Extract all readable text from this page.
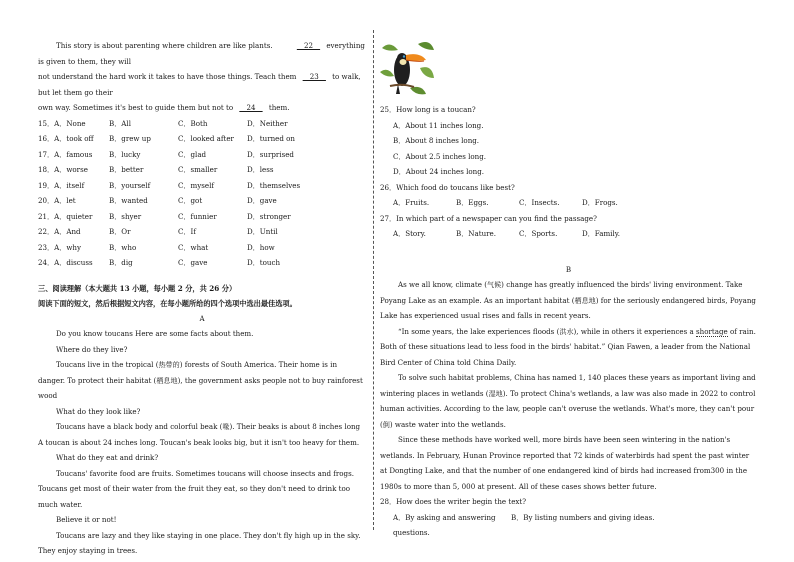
This story is about parenting where children are like plants.	__22__ everything is given to them, they will

not understand the hard work it takes to have those things. Teach them __23__ to walk, but let them go their

own way. Sometimes it's best to guide them but not to __24__ them.

15．A．None	B．All	C．Both	D．Neither
16．A．took off	B．grew up	C．looked after	D．turned on
17．A．famous	B．lucky	C．glad	D．surprised
18．A．worse	B．better	C．smaller	D．less
19．A．itself	B．yourself	C．myself	D．themselves
20．A．let	B．wanted	C．got	D．gave
21．A．quieter	B．shyer	C．funnier	D．stronger
22．A．And	B．Or	C．If	D．Until
23．A．why	B．who	C．what	D．how
24．A．discuss	B．dig	C．gave	D．touch

三、阅读理解（本大题共 13 小题，每小题 2 分，共 26 分）

阅读下面的短文，然后根据短文内容，在每小题所给的四个选项中选出最佳选项。

A

Do you know toucans Here are some facts about them.

Where do they live?

Toucans live in the tropical (热带的) forests of South America. Their home is in danger. To protect their habitat (栖息地), the government asks people not to buy rainforest wood

What do they look like?

Toucans have a black body and colorful beak (喙). Their beaks is about 8 inches long A toucan is about 24 inches long. Toucan's beak looks big, but it isn't too heavy for them.

What do they eat and drink?

Toucans' favorite food are fruits. Sometimes toucans will choose insects and frogs. Toucans get most of their water from the fruit they eat, so they don't need to drink too much water.

Believe it or not!

Toucans are lazy and they like staying in one place. They don't fly high up in the sky. They enjoy staying in trees.

25．How long is a toucan?

A．About 11 inches long.

B．About 8 inches long.

C．About 2.5 inches long.

D．About 24 inches long.

26．Which food do toucans like best?

A．Fruits.	B．Eggs.	C．Insects.	D．Frogs.

27．In which part of a newspaper can you find the passage?

A．Story.	B．Nature.	C．Sports.	D．Family.

B

As we all know, climate (气候) change has greatly influenced the birds' living environment. Take Poyang Lake as an example. As an important habitat (栖息地) for the seriously endangered birds, Poyang Lake has experienced usual rises and falls in recent years.

“In some years, the lake experiences floods (洪水), while in others it experiences a shortage of rain. Both of these situations lead to less food in the birds' habitat.” Qian Fawen, a leader from the National Bird Center of China told China Daily.

To solve such habitat problems, China has named 1, 140 places these years as important living and wintering places in wetlands (湿地). To protect China's wetlands, a law was also made in 2022 to control human activities. According to the law, people can't overuse the wetlands. What's more, they can't pour (倒) waste water into the wetlands.

Since these methods have worked well, more birds have been seen wintering in the nation's wetlands. In February, Hunan Province reported that 72 kinds of waterbirds had spent the past winter at Dongting Lake, and that the number of one endangered kind of birds had increased from300 in the 1980s to more than 5, 000 at present. All of these cases shows better future.

28．How does the writer begin the text?

A．By asking and answering questions.
B．By listing numbers and giving ideas.
